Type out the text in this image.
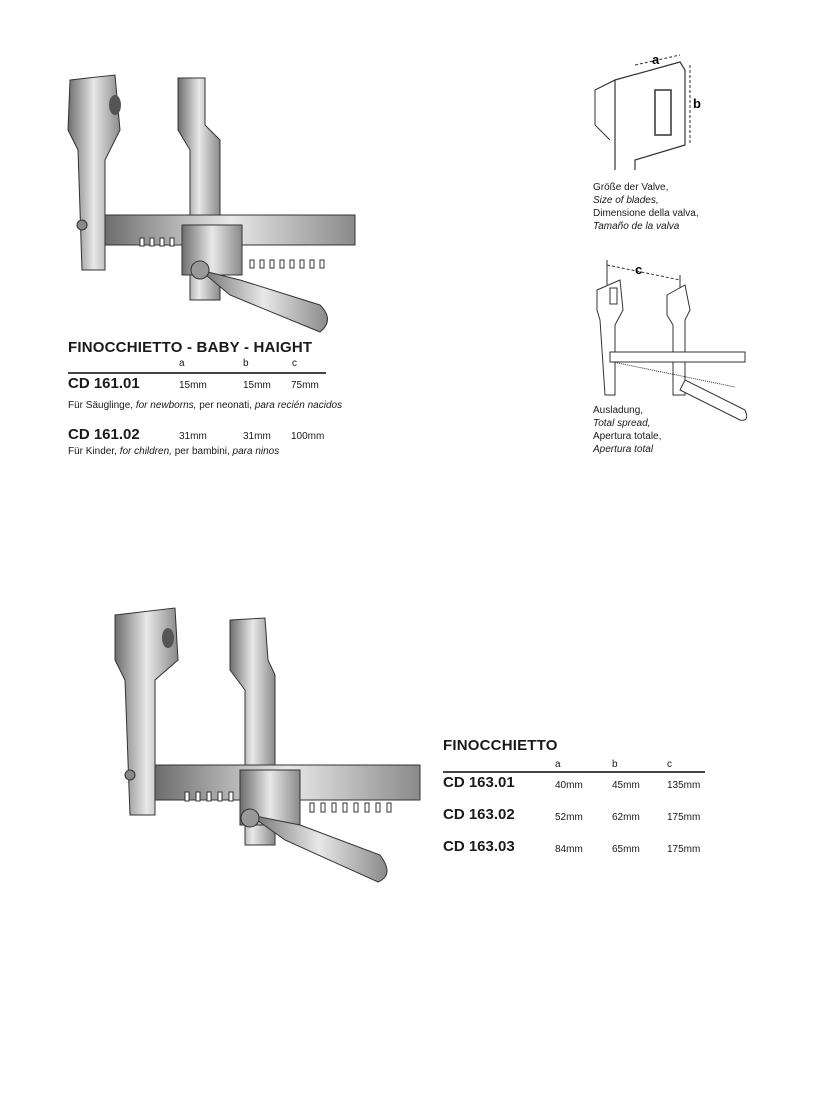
FINOCCHIETTO - BABY - HAIGHT
a	b	c
CD 161.01	15mm	15mm 75mm
Für Säuglinge, for newborns, per neonati, para recién nacidos
CD 161.02	31mm	31mm 100mm
Für Kinder, for children, per bambini, para ninos
a
b
Größe der Valve,
Size of blades,
Dimensione della valva,
Tamaño de la valva
c
Ausladung,
Total spread,
Apertura totale,
Apertura total
FINOCCHIETTO
a	b	c
CD 163.01	40mm	45mm	135mm
CD 163.02	52mm	62mm	175mm
CD 163.03	84mm	65mm	175mm
